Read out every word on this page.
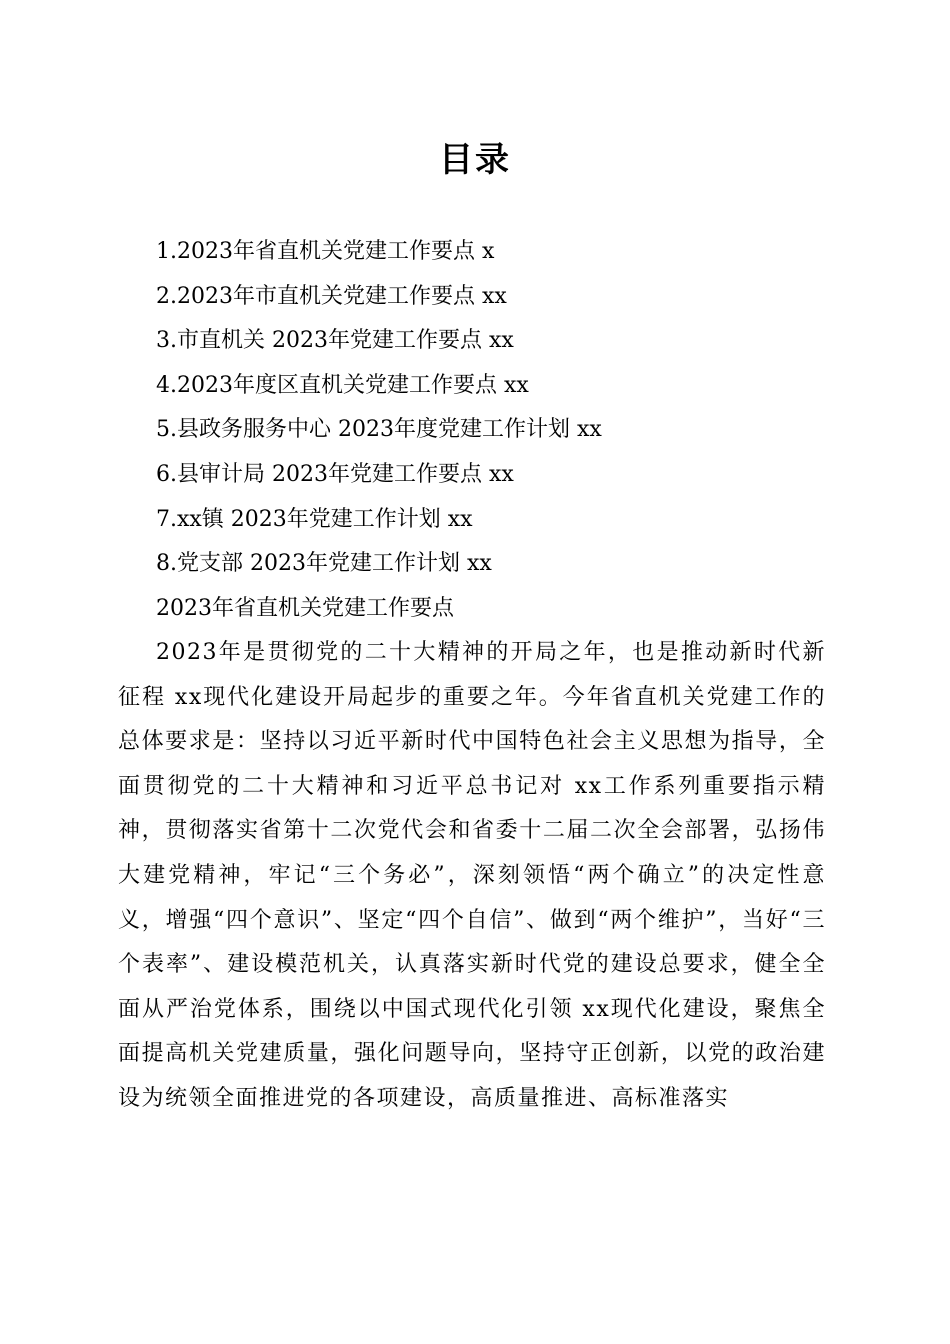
目录
1.2023年省直机关党建工作要点 x
2.2023年市直机关党建工作要点 xx
3.市直机关 2023年党建工作要点 xx
4.2023年度区直机关党建工作要点 xx
5.县政务服务中心 2023年度党建工作计划 xx
6.县审计局 2023年党建工作要点 xx
7.xx镇 2023年党建工作计划 xx
8.党支部 2023年党建工作计划 xx
2023年省直机关党建工作要点

2023年是贯彻党的二十大精神的开局之年，也是推动新时代新征程 xx现代化建设开局起步的重要之年。今年省直机关党建工作的总体要求是：坚持以习近平新时代中国特色社会主义思想为指导，全面贯彻党的二十大精神和习近平总书记对 xx工作系列重要指示精神，贯彻落实省第十二次党代会和省委十二届二次全会部署，弘扬伟大建党精神，牢记“三个务必”，深刻领悟“两个确立”的决定性意义，增强“四个意识”、坚定“四个自信”、做到“两个维护”，当好“三个表率”、建设模范机关，认真落实新时代党的建设总要求，健全全面从严治党体系，围绕以中国式现代化引领 xx现代化建设，聚焦全面提高机关党建质量，强化问题导向，坚持守正创新，以党的政治建设为统领全面推进党的各项建设，高质量推进、高标准落实
